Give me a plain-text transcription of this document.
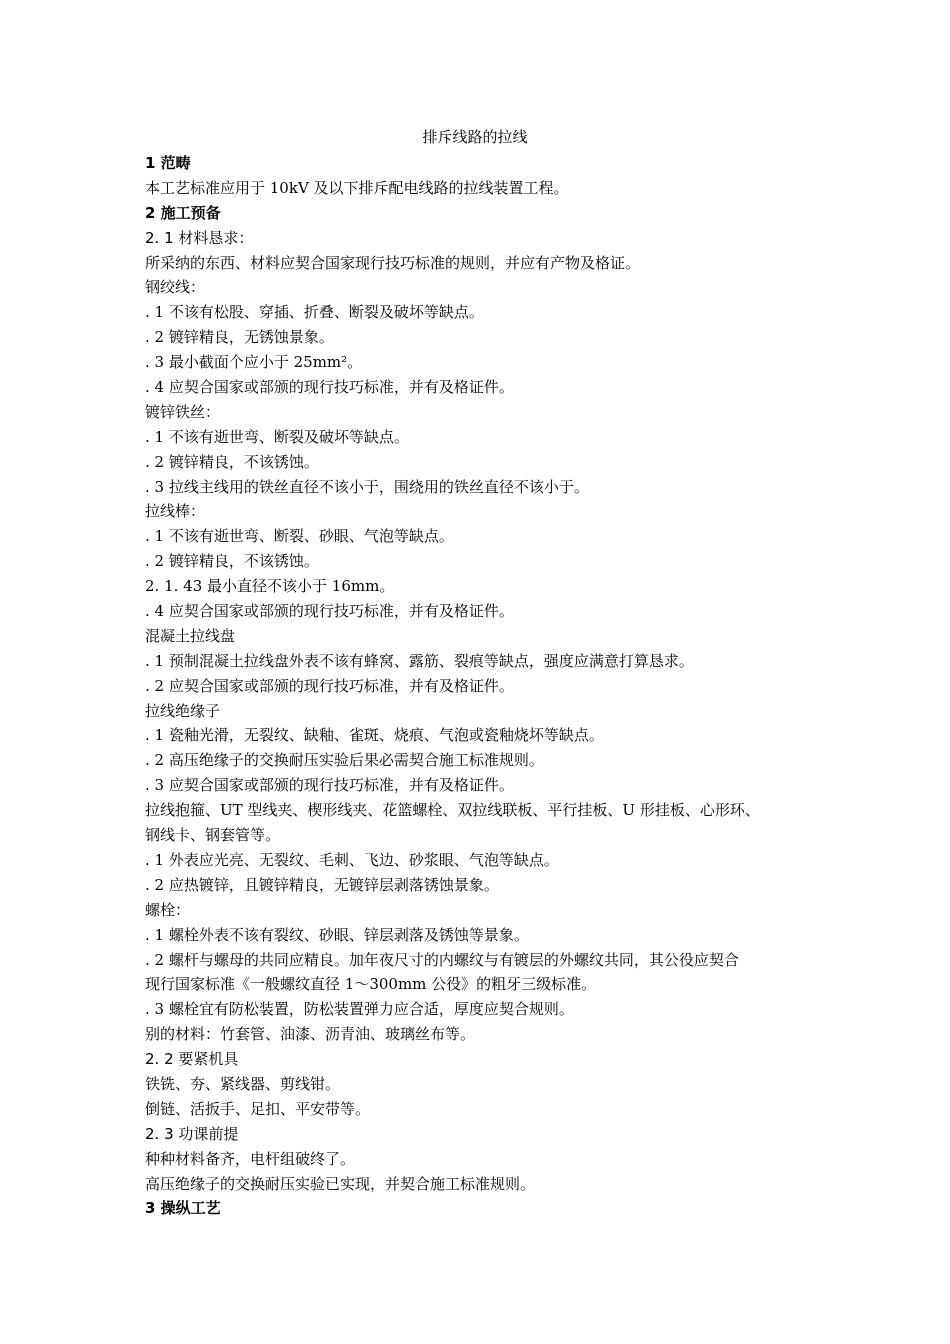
排斥线路的拉线

1 范畴

本工艺标准应用于 10kV 及以下排斥配电线路的拉线装置工程。

2 施工预备

2. 1 材料恳求：

所采纳的东西、材料应契合国家现行技巧标准的规则，并应有产物及格证。

钢绞线：

. 1 不该有松股、穿插、折叠、断裂及破坏等缺点。

. 2 镀锌精良，无锈蚀景象。

. 3 最小截面个应小于 25mm²。

. 4 应契合国家或部颁的现行技巧标准，并有及格证件。

镀锌铁丝：

. 1 不该有逝世弯、断裂及破坏等缺点。

. 2 镀锌精良，不该锈蚀。

. 3 拉线主线用的铁丝直径不该小于，围绕用的铁丝直径不该小于。

拉线棒：

. 1 不该有逝世弯、断裂、砂眼、气泡等缺点。

. 2 镀锌精良，不该锈蚀。

2. 1. 43 最小直径不该小于 16mm。

. 4 应契合国家或部颁的现行技巧标准，并有及格证件。

混凝土拉线盘

. 1 预制混凝土拉线盘外表不该有蜂窝、露筋、裂痕等缺点，强度应满意打算恳求。

. 2 应契合国家或部颁的现行技巧标准，并有及格证件。

拉线绝缘子

. 1 瓷釉光滑，无裂纹、缺釉、雀斑、烧痕、气泡或瓷釉烧坏等缺点。

. 2 高压绝缘子的交换耐压实验后果必需契合施工标准规则。

. 3 应契合国家或部颁的现行技巧标准，并有及格证件。

拉线抱箍、UT 型线夹、楔形线夹、花篮螺栓、双拉线联板、平行挂板、U 形挂板、心形环、

钢线卡、钢套管等。

. 1 外表应光亮、无裂纹、毛刺、飞边、砂浆眼、气泡等缺点。

. 2 应热镀锌，且镀锌精良，无镀锌层剥落锈蚀景象。

螺栓：

. 1 螺栓外表不该有裂纹、砂眼、锌层剥落及锈蚀等景象。

. 2 螺杆与螺母的共同应精良。加年夜尺寸的内螺纹与有镀层的外螺纹共同，其公役应契合

现行国家标准《一般螺纹直径 1～300mm 公役》的粗牙三级标准。

. 3 螺栓宜有防松装置，防松装置弹力应合适，厚度应契合规则。

别的材料：竹套管、油漆、沥青油、玻璃丝布等。

2. 2 要紧机具

铁铣、夯、紧线器、剪线钳。

倒链、活扳手、足扣、平安带等。

2. 3 功课前提

种种材料备齐，电杆组破终了。

高压绝缘子的交换耐压实验已实现，并契合施工标准规则。

3 操纵工艺
